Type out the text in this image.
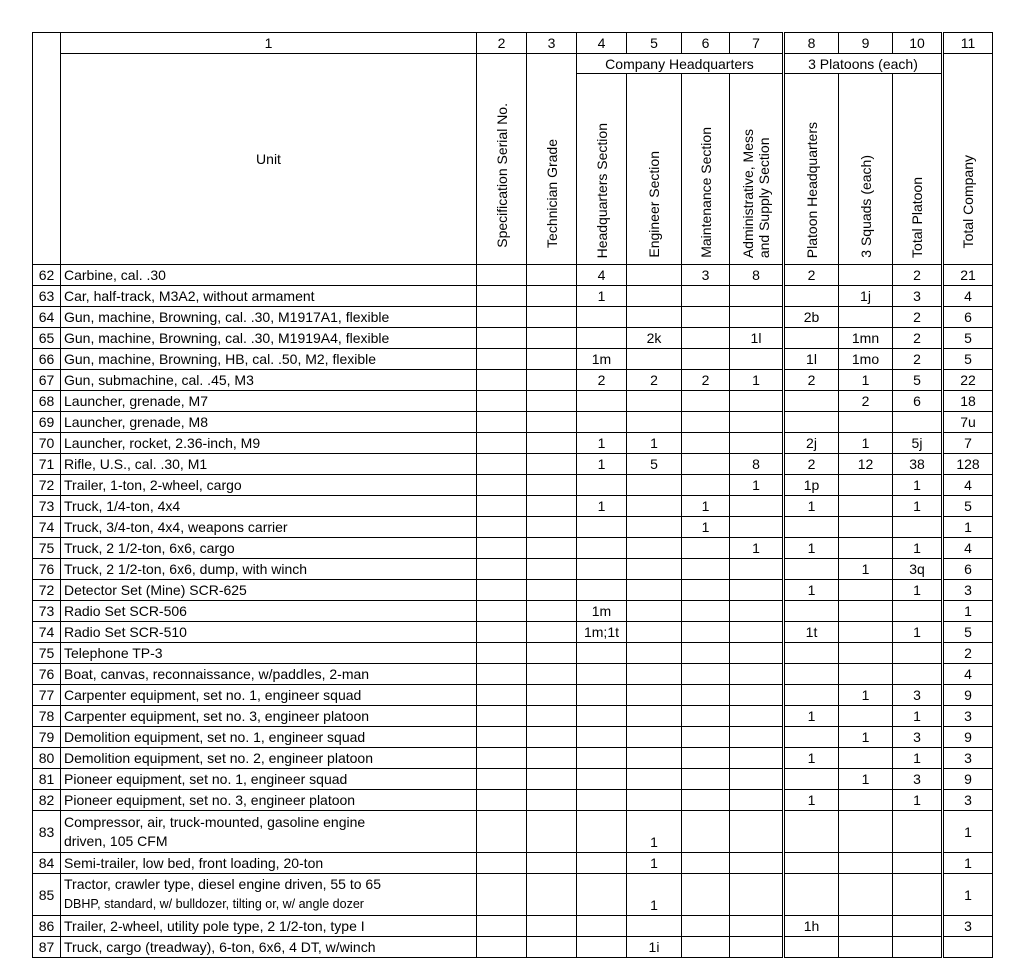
	1	2	3	4	5	6	7	8	9	10	11
	Unit	Specification Serial No.	Technician Grade	Company Headquarters				3 Platoons (each)			Total Company

				Headquarters Section	Engineer Section	Maintenance Section	Administrative, Mess
and Supply Section	Platoon Headquarters	3 Squads (each)	Total Platoon	

62	Carbine, cal. .30			4		3	8	2		2	21
63	Car, half-track, M3A2, without armament			1					1j	3	4
64	Gun, machine, Browning, cal. .30, M1917A1, flexible							2b		2	6
65	Gun, machine, Browning, cal. .30, M1919A4, flexible				2k		1l		1mn	2	5
66	Gun, machine, Browning, HB, cal. .50, M2, flexible			1m				1l	1mo	2	5
67	Gun, submachine, cal. .45, M3			2	2	2	1	2	1	5	22
68	Launcher, grenade, M7								2	6	18
69	Launcher, grenade, M8										7u
70	Launcher, rocket, 2.36-inch, M9			1	1			2j	1	5j	7
71	Rifle, U.S., cal. .30, M1			1	5		8	2	12	38	128
72	Trailer, 1-ton, 2-wheel, cargo						1	1p		1	4
73	Truck, 1/4-ton, 4x4			1		1		1		1	5
74	Truck, 3/4-ton, 4x4, weapons carrier					1					1
75	Truck, 2 1/2-ton, 6x6, cargo						1	1		1	4
76	Truck, 2 1/2-ton, 6x6, dump, with winch								1	3q	6
72	Detector Set (Mine) SCR-625							1		1	3
73	Radio Set SCR-506			1m							1
74	Radio Set SCR-510			1m;1t				1t		1	5
75	Telephone TP-3										2
76	Boat, canvas, reconnaissance, w/paddles, 2-man										4
77	Carpenter equipment, set no. 1, engineer squad								1	3	9
78	Carpenter equipment, set no. 3, engineer platoon							1		1	3
79	Demolition equipment, set no. 1, engineer squad								1	3	9
80	Demolition equipment, set no. 2, engineer platoon							1		1	3
81	Pioneer equipment, set no. 1, engineer squad								1	3	9
82	Pioneer equipment, set no. 3, engineer platoon							1		1	3
83	Compressor, air, truck-mounted, gasoline engine
driven, 105 CFM				1						1
84	Semi-trailer, low bed, front loading, 20-ton				1						1
85	Tractor, crawler type, diesel engine driven, 55 to 65
DBHP, standard, w/ bulldozer, tilting or, w/ angle dozer				1						1
86	Trailer, 2-wheel, utility pole type, 2 1/2-ton, type I							1h			3
87	Truck, cargo (treadway), 6-ton, 6x6, 4 DT, w/winch				1i						
